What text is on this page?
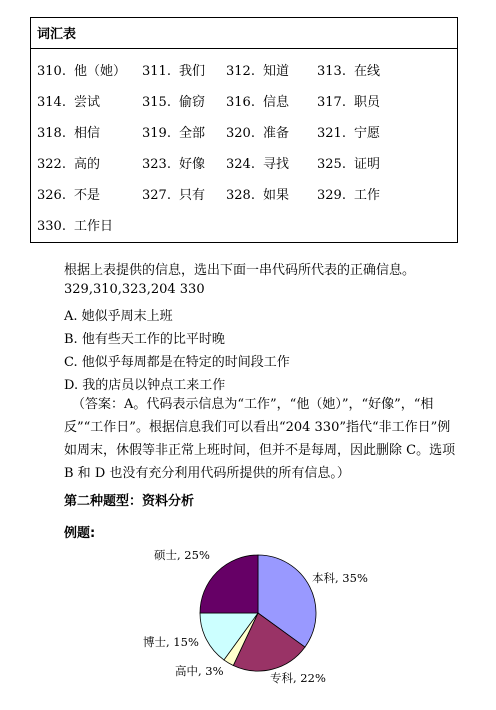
词汇表
310. 他（她） 311. 我们 312. 知道 313. 在线
314. 尝试	315. 偷窃 316. 信息 317. 职员
318. 相信	319. 全部 320. 准备 321. 宁愿
322. 高的	323. 好像 324. 寻找 325. 证明
326. 不是	327. 只有 328. 如果 329. 工作
330. 工作日
根据上表提供的信息，选出下面一串代码所代表的正确信息。
329,310,323,204 330
A. 她似乎周末上班
B. 他有些天工作的比平时晚
C. 他似乎每周都是在特定的时间段工作
D. 我的店员以钟点工来工作
（答案：A。代码表示信息为“工作”，“他（她）”，“好像”，“相反”“工作日”。根据信息我们可以看出“204 330”指代“非工作日”例如周末，休假等非正常上班时间，但并不是每周，因此删除 C。选项 B 和 D 也没有充分利用代码所提供的所有信息。）
第二种题型：资料分析
例题:
本科, 35%
专科, 22%
高中, 3%
博士, 15%
硕士, 25%
